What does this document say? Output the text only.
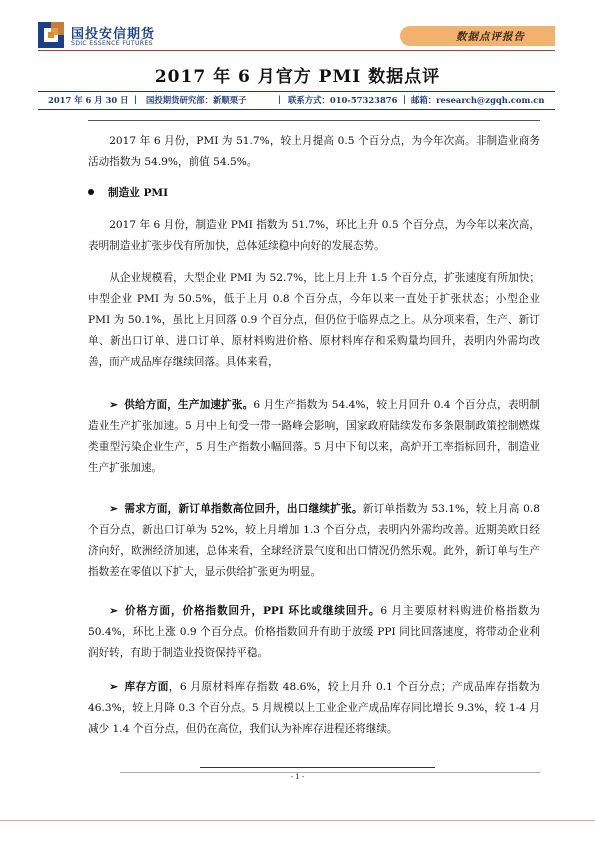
国投安信期货
SDIC ESSENCE FUTURES
数据点评报告
2017 年 6 月官方 PMI 数据点评
2017 年 6 月 30 日 | 国投期货研究部：新顺栗子	| 联系方式：010-57323876 | 邮箱：research@zgqh.com.cn
2017 年 6 月份，PMI 为 51.7%，较上月提高 0.5 个百分点，为今年次高。非制造业商务活动指数为 54.9%，前值 54.5%。
制造业 PMI
2017 年 6 月份，制造业 PMI 指数为 51.7%，环比上升 0.5 个百分点，为今年以来次高，表明制造业扩张步伐有所加快，总体延续稳中向好的发展态势。
从企业规模看，大型企业 PMI 为 52.7%，比上月上升 1.5 个百分点，扩张速度有所加快；中型企业 PMI 为 50.5%，低于上月 0.8 个百分点，今年以来一直处于扩张状态；小型企业 PMI 为 50.1%，虽比上月回落 0.9 个百分点，但仍位于临界点之上。从分项来看，生产、新订单、新出口订单、进口订单、原材料购进价格、原材料库存和采购量均回升，表明内外需均改善，而产成品库存继续回落。具体来看，
➢ 供给方面，生产加速扩张。6 月生产指数为 54.4%，较上月回升 0.4 个百分点，表明制造业生产扩张加速。5 月中上旬受一带一路峰会影响，国家政府陆续发布多条限制政策控制燃煤类重型污染企业生产，5 月生产指数小幅回落。5 月中下旬以来，高炉开工率指标回升，制造业生产扩张加速。
➢ 需求方面，新订单指数高位回升，出口继续扩张。新订单指数为 53.1%，较上月高 0.8 个百分点，新出口订单为 52%，较上月增加 1.3 个百分点，表明内外需均改善。近期美欧日经济向好，欧洲经济加速，总体来看，全球经济景气度和出口情况仍然乐观。此外，新订单与生产指数差在零值以下扩大，显示供给扩张更为明显。
➢ 价格方面，价格指数回升，PPI 环比或继续回升。6 月主要原材料购进价格指数为 50.4%，环比上涨 0.9 个百分点。价格指数回升有助于放缓 PPI 同比回落速度，将带动企业利润好转，有助于制造业投资保持平稳。
➢ 库存方面，6 月原材料库存指数 48.6%，较上月升 0.1 个百分点；产成品库存指数为 46.3%，较上月降 0.3 个百分点。5 月规模以上工业企业产成品库存同比增长 9.3%，较 1-4 月减少 1.4 个百分点，但仍在高位，我们认为补库存进程还将继续。
- 1 -
